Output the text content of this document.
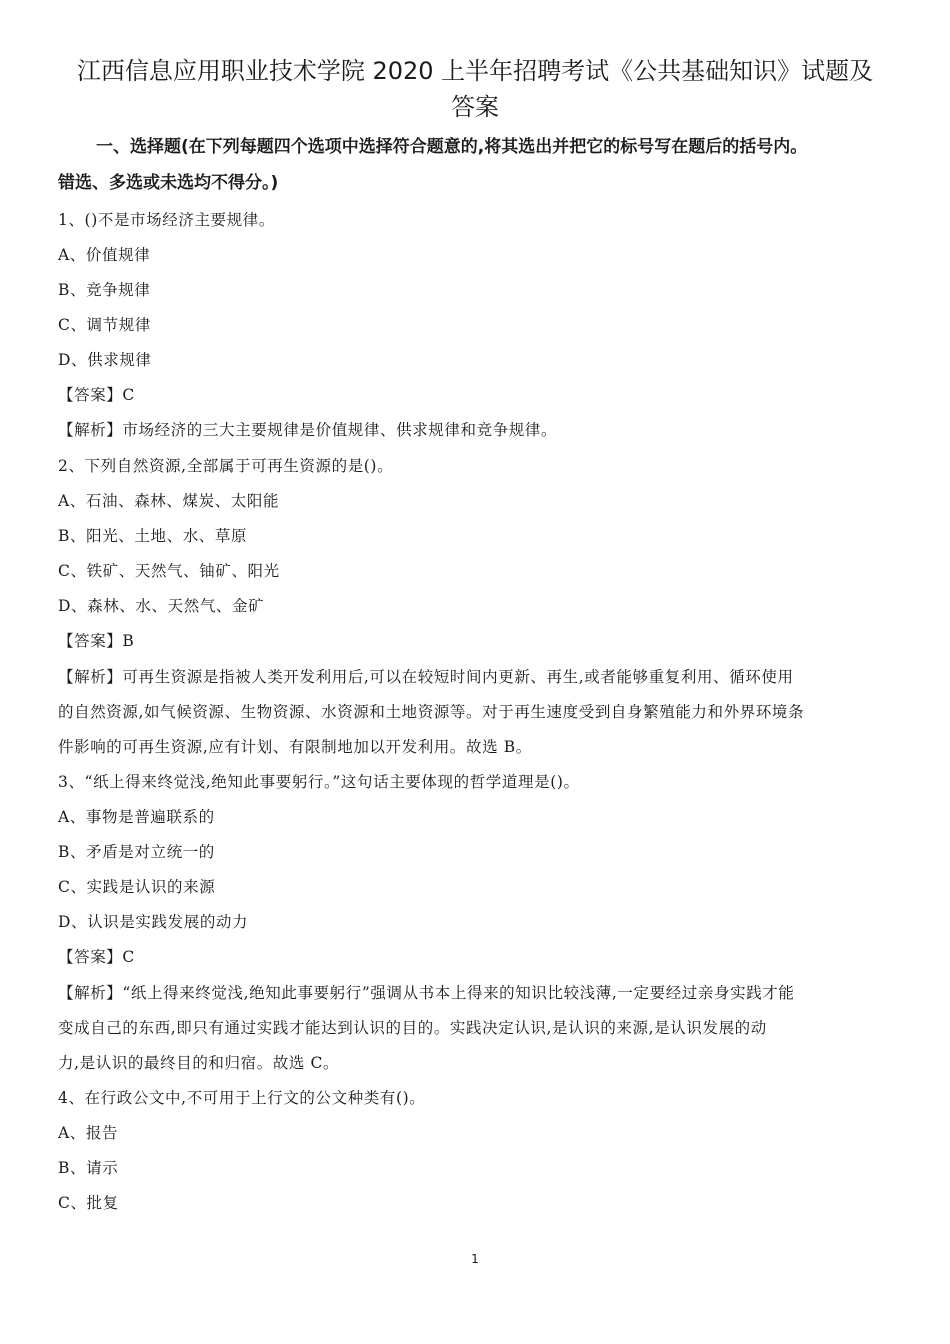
江西信息应用职业技术学院 2020 上半年招聘考试《公共基础知识》试题及
答案
一、选择题(在下列每题四个选项中选择符合题意的,将其选出并把它的标号写在题后的括号内。
错选、多选或未选均不得分。)
1、()不是市场经济主要规律。
A、价值规律
B、竞争规律
C、调节规律
D、供求规律
【答案】C
【解析】市场经济的三大主要规律是价值规律、供求规律和竞争规律。
2、下列自然资源,全部属于可再生资源的是()。
A、石油、森林、煤炭、太阳能
B、阳光、土地、水、草原
C、铁矿、天然气、铀矿、阳光
D、森林、水、天然气、金矿
【答案】B
【解析】可再生资源是指被人类开发利用后,可以在较短时间内更新、再生,或者能够重复利用、循环使用
的自然资源,如气候资源、生物资源、水资源和土地资源等。对于再生速度受到自身繁殖能力和外界环境条
件影响的可再生资源,应有计划、有限制地加以开发利用。故选 B。
3、“纸上得来终觉浅,绝知此事要躬行。”这句话主要体现的哲学道理是()。
A、事物是普遍联系的
B、矛盾是对立统一的
C、实践是认识的来源
D、认识是实践发展的动力
【答案】C
【解析】“纸上得来终觉浅,绝知此事要躬行”强调从书本上得来的知识比较浅薄,一定要经过亲身实践才能
变成自己的东西,即只有通过实践才能达到认识的目的。实践决定认识,是认识的来源,是认识发展的动
力,是认识的最终目的和归宿。故选 C。
4、在行政公文中,不可用于上行文的公文种类有()。
A、报告
B、请示
C、批复
1
